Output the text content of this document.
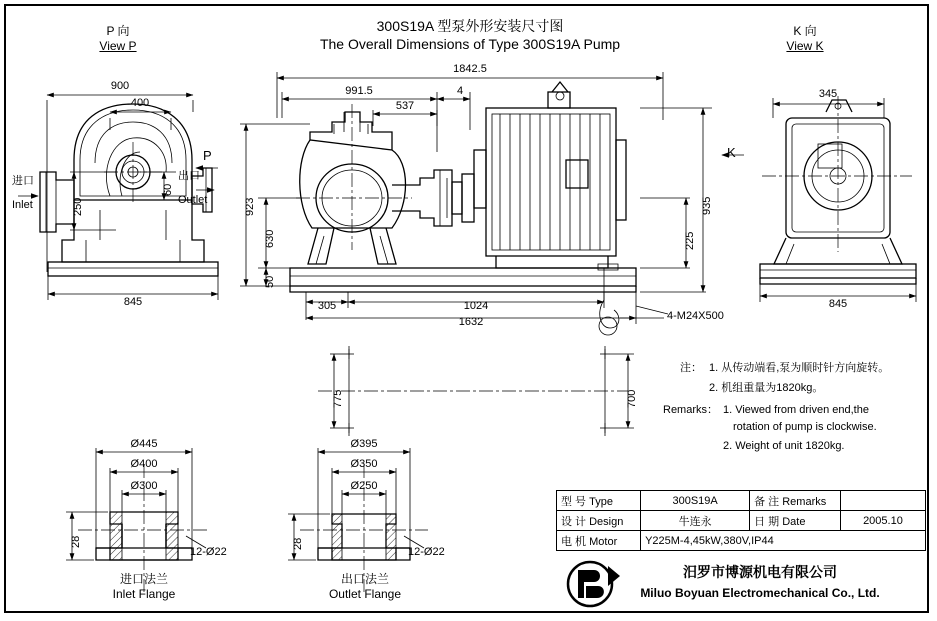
300S19A 型泵外形安装尺寸图
The Overall Dimensions of Type 300S19A Pump
P 向
View P
K 向
View K
900
400
845
250
60
P
进口
Inlet
出口
Outlet
1842.5
991.5
537
4
923
630
50
935
225
305	1024
1632	4-M24X500
345
845
K
775	700
Ø445
Ø400
Ø300
28
12-Ø22
Ø395
Ø350
Ø250
28
12-Ø22
进口法兰
Inlet Flange
出口法兰
Outlet Flange
注： 1. 从传动端看,泵为顺时针方向旋转。
2. 机组重量为1820kg。
Remarks： 1. Viewed from driven end,the
rotation of pump is clockwise.
2. Weight of unit 1820kg.
型 号 Type	300S19A	备 注 Remarks	
设 计 Design	牛连永	日 期 Date	2005.10
电 机 Motor	Y225M-4,45kW,380V,IP44		
汨罗市博源机电有限公司
Miluo Boyuan Electromechanical Co., Ltd.
